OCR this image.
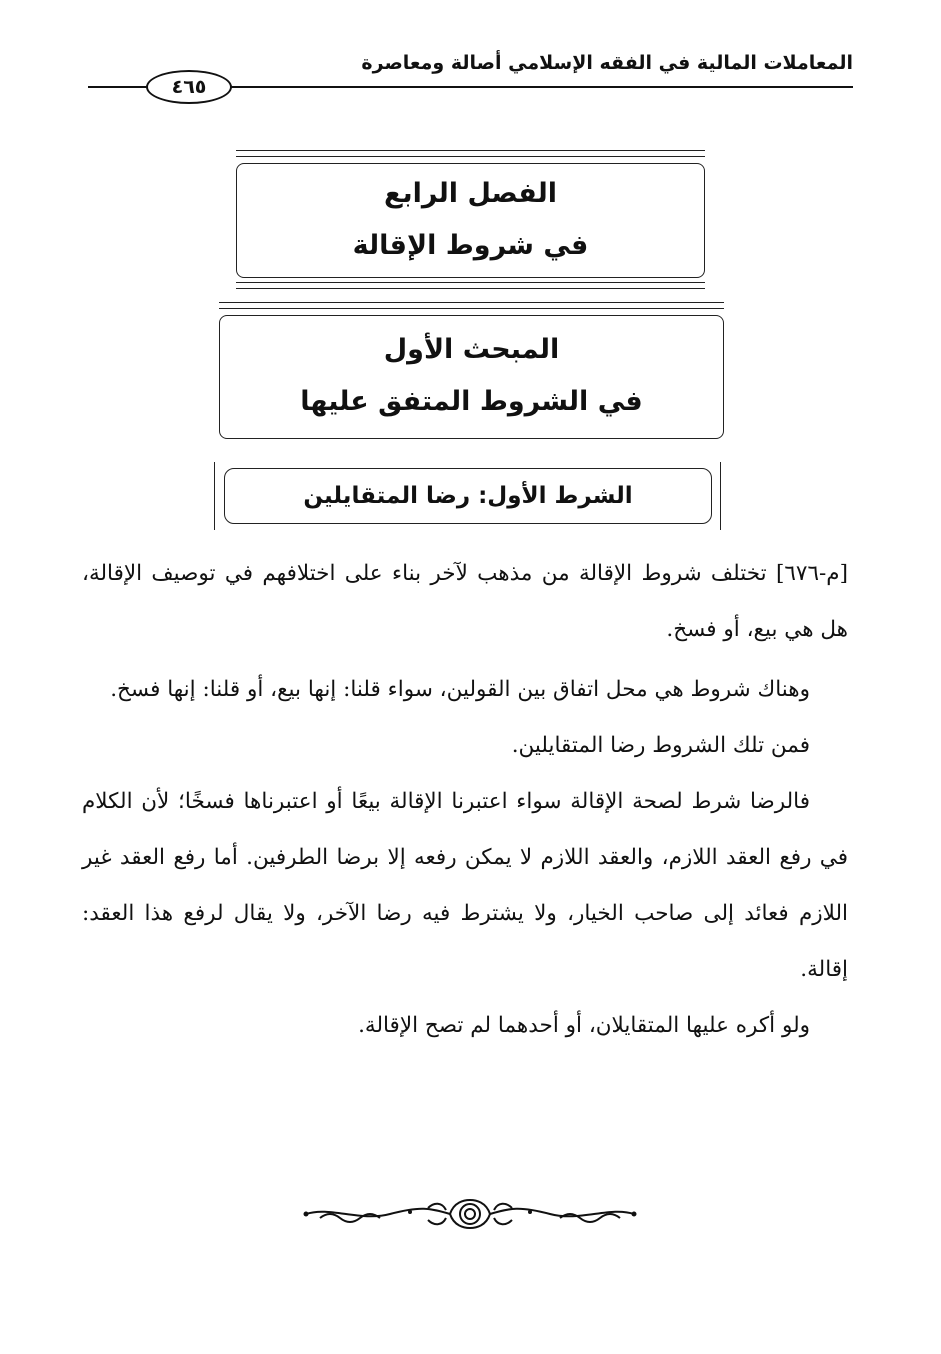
المعاملات المالية في الفقه الإسلامي أصالة ومعاصرة
٤٦٥
الفصل الرابع
في شروط الإقالة
المبحث الأول
في الشروط المتفق عليها
الشرط الأول: رضا المتقايلين

[م-٦٧٦] تختلف شروط الإقالة من مذهب لآخر بناء على اختلافهم في توصيف الإقالة، هل هي بيع، أو فسخ.

وهناك شروط هي محل اتفاق بين القولين، سواء قلنا: إنها بيع، أو قلنا: إنها فسخ.

فمن تلك الشروط رضا المتقايلين.

فالرضا شرط لصحة الإقالة سواء اعتبرنا الإقالة بيعًا أو اعتبرناها فسخًا؛ لأن الكلام في رفع العقد اللازم، والعقد اللازم لا يمكن رفعه إلا برضا الطرفين. أما رفع العقد غير اللازم فعائد إلى صاحب الخيار، ولا يشترط فيه رضا الآخر، ولا يقال لرفع هذا العقد: إقالة.

ولو أكره عليها المتقايلان، أو أحدهما لم تصح الإقالة.
